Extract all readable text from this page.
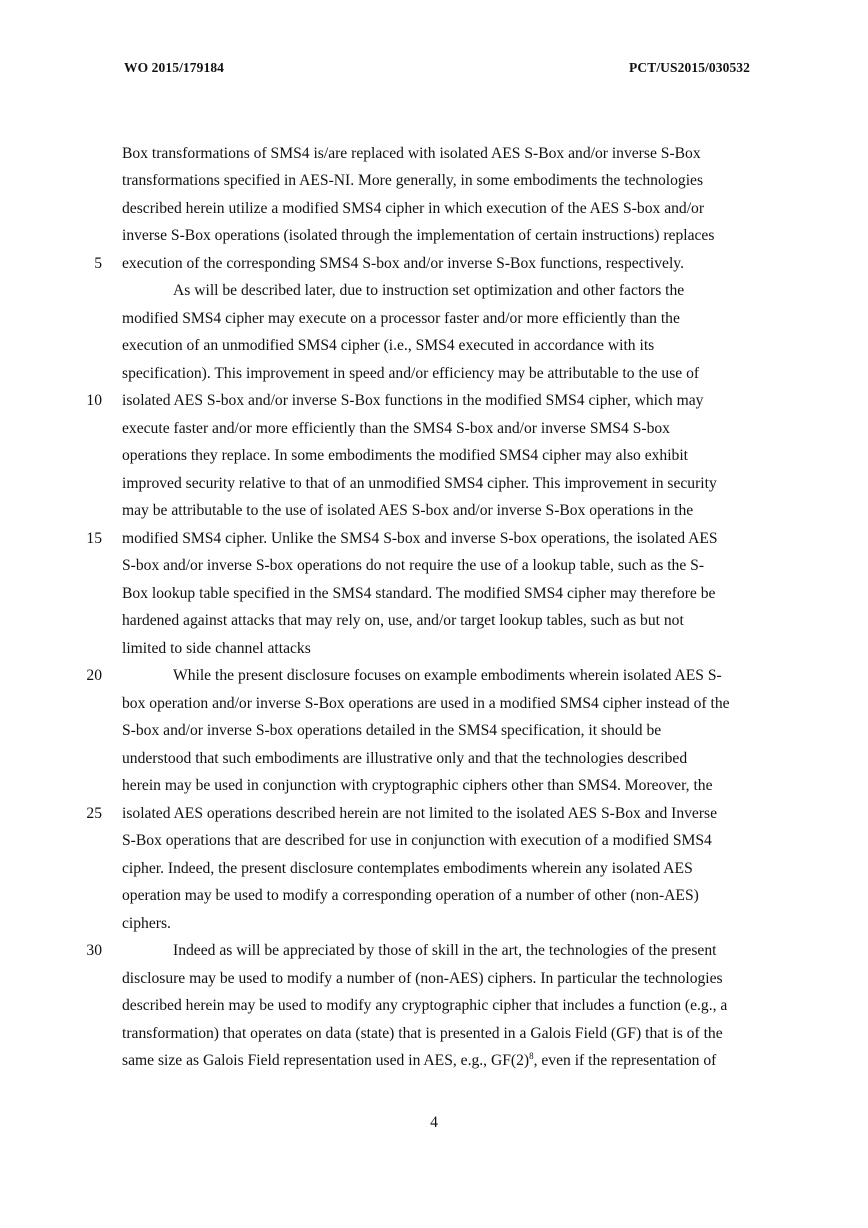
WO 2015/179184	PCT/US2015/030532
Box transformations of SMS4 is/are replaced with isolated AES S-Box and/or inverse S-Box
transformations specified in AES-NI. More generally, in some embodiments the technologies
described herein utilize a modified SMS4 cipher in which execution of the AES S-box and/or
inverse S-Box operations (isolated through the implementation of certain instructions) replaces
execution of the corresponding SMS4 S-box and/or inverse S-Box functions, respectively.
As will be described later, due to instruction set optimization and other factors the
modified SMS4 cipher may execute on a processor faster and/or more efficiently than the
execution of an unmodified SMS4 cipher (i.e., SMS4 executed in accordance with its
specification). This improvement in speed and/or efficiency may be attributable to the use of
isolated AES S-box and/or inverse S-Box functions in the modified SMS4 cipher, which may
execute faster and/or more efficiently than the SMS4 S-box and/or inverse SMS4 S-box
operations they replace. In some embodiments the modified SMS4 cipher may also exhibit
improved security relative to that of an unmodified SMS4 cipher. This improvement in security
may be attributable to the use of isolated AES S-box and/or inverse S-Box operations in the
modified SMS4 cipher. Unlike the SMS4 S-box and inverse S-box operations, the isolated AES
S-box and/or inverse S-box operations do not require the use of a lookup table, such as the S-
Box lookup table specified in the SMS4 standard. The modified SMS4 cipher may therefore be
hardened against attacks that may rely on, use, and/or target lookup tables, such as but not
limited to side channel attacks
While the present disclosure focuses on example embodiments wherein isolated AES S-
box operation and/or inverse S-Box operations are used in a modified SMS4 cipher instead of the
S-box and/or inverse S-box operations detailed in the SMS4 specification, it should be
understood that such embodiments are illustrative only and that the technologies described
herein may be used in conjunction with cryptographic ciphers other than SMS4. Moreover, the
isolated AES operations described herein are not limited to the isolated AES S-Box and Inverse
S-Box operations that are described for use in conjunction with execution of a modified SMS4
cipher. Indeed, the present disclosure contemplates embodiments wherein any isolated AES
operation may be used to modify a corresponding operation of a number of other (non-AES)
ciphers.
Indeed as will be appreciated by those of skill in the art, the technologies of the present
disclosure may be used to modify a number of (non-AES) ciphers. In particular the technologies
described herein may be used to modify any cryptographic cipher that includes a function (e.g., a
transformation) that operates on data (state) that is presented in a Galois Field (GF) that is of the
same size as Galois Field representation used in AES, e.g., $GF(2)^8$, even if the representation of
5
10
15
20
25
30
4
